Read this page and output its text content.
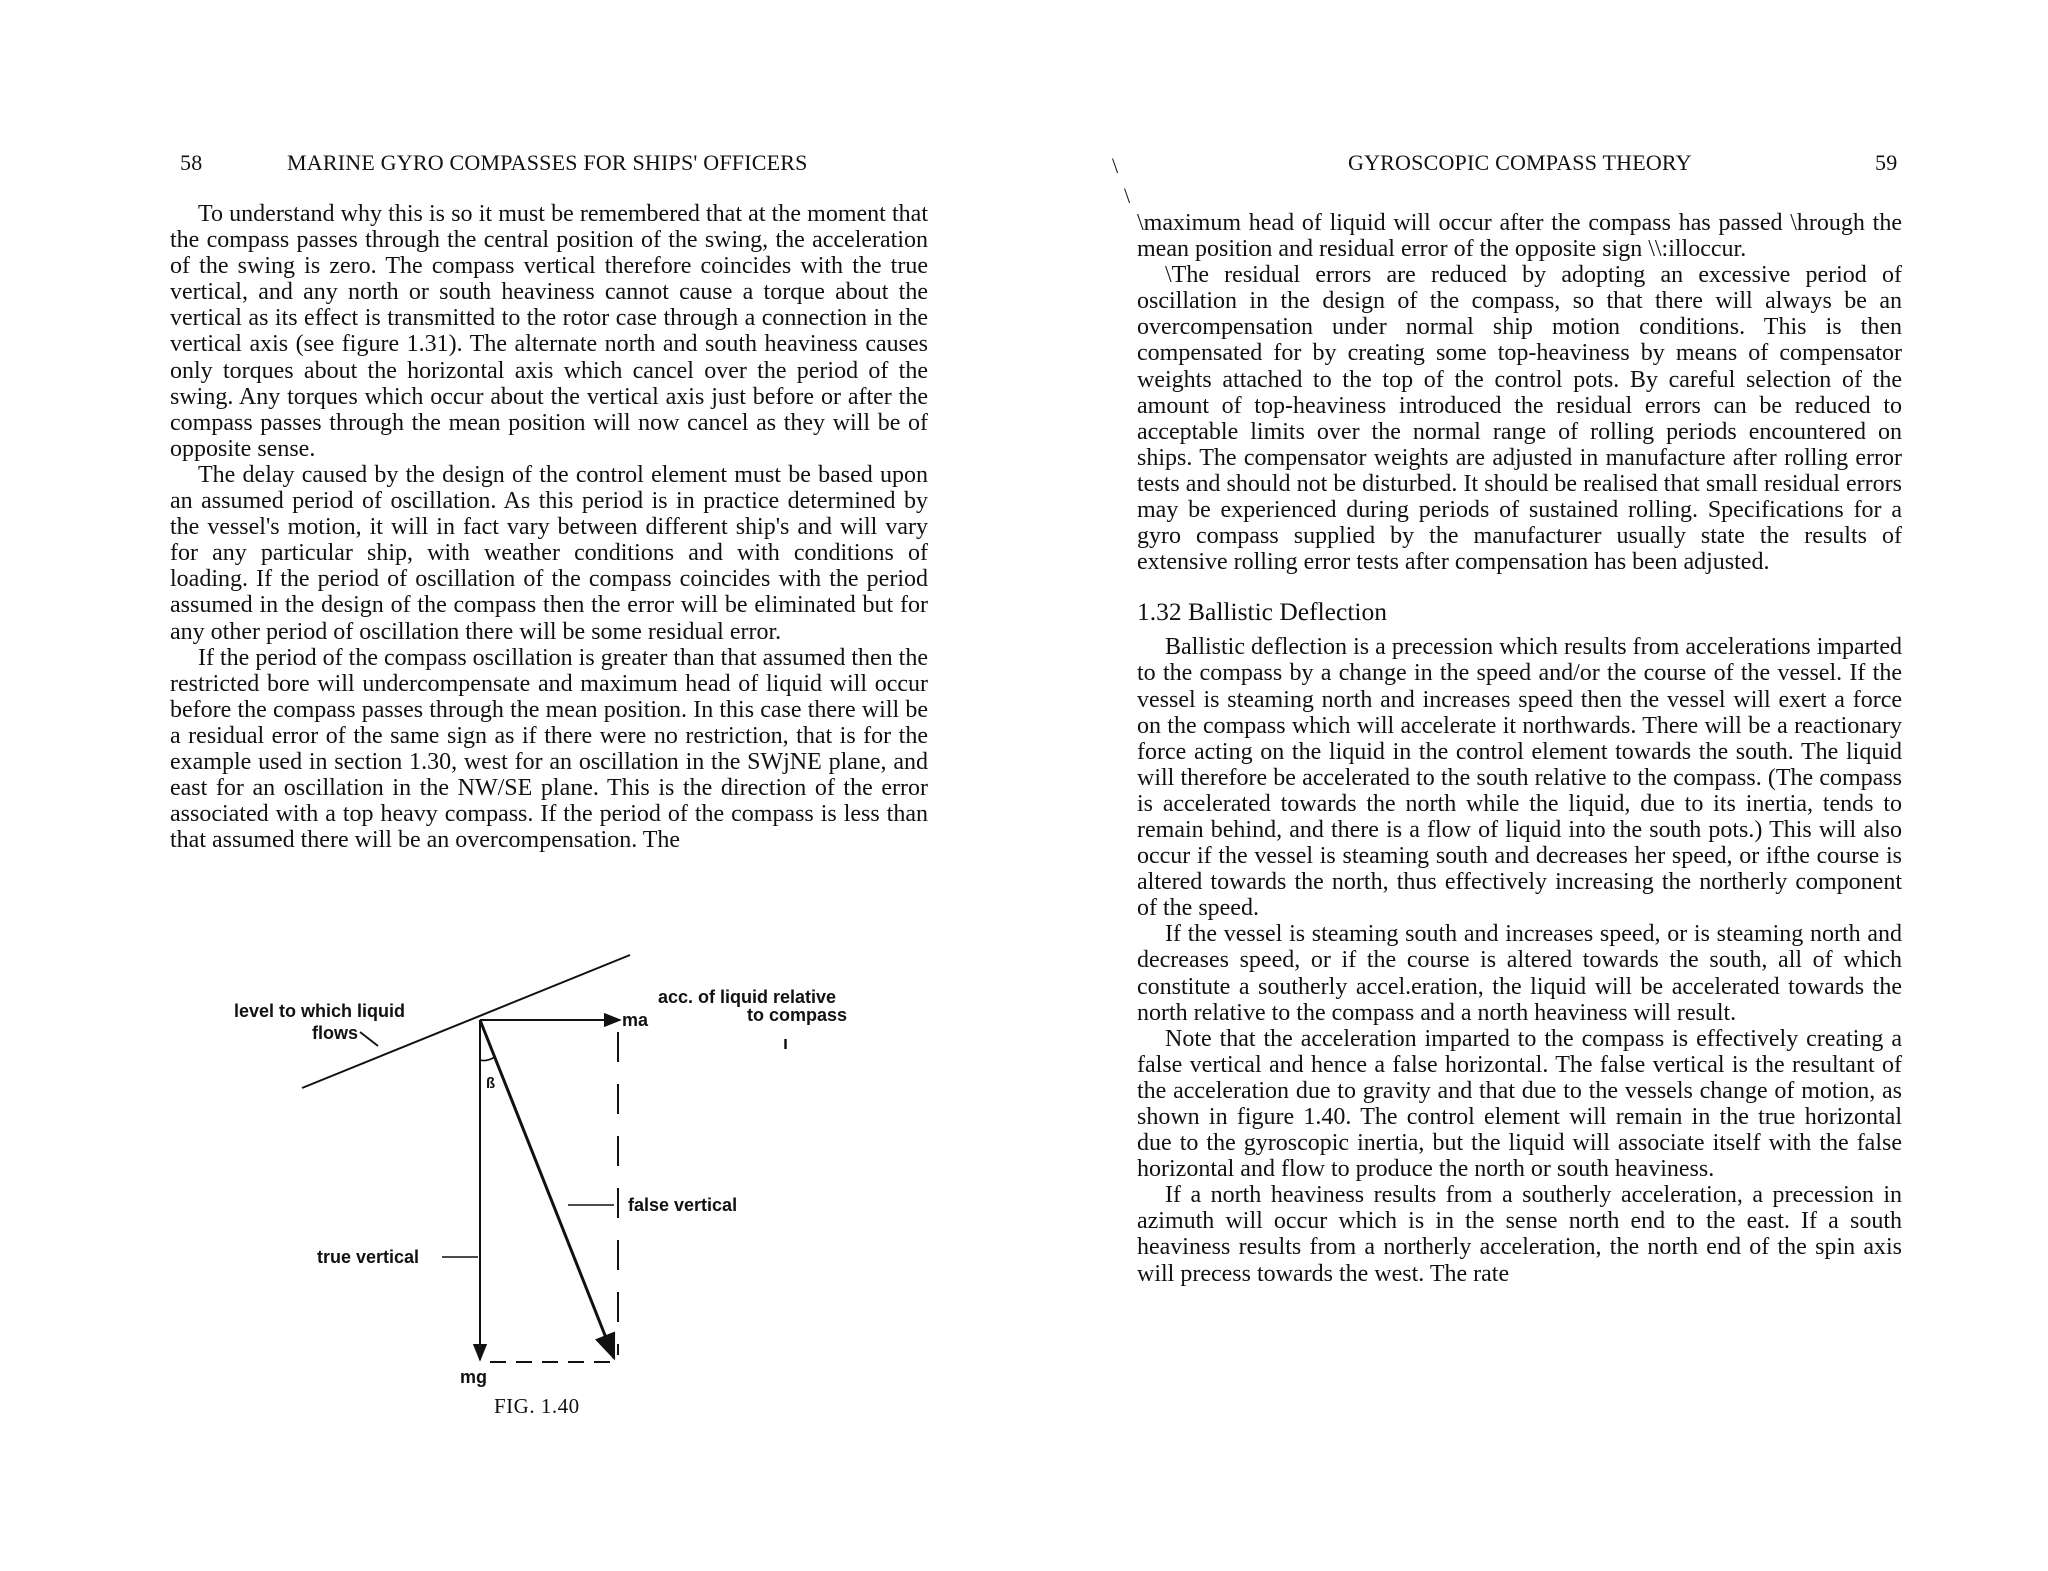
58	MARINE GYRO COMPASSES FOR SHIPS' OFFICERS

To understand why this is so it must be remembered that at the moment that the compass passes through the central position of the swing, the acceleration of the swing is zero. The compass vertical therefore coincides with the true vertical, and any north or south heaviness cannot cause a torque about the vertical as its effect is transmitted to the rotor case through a connection in the vertical axis (see figure 1.31). The alternate north and south heaviness causes only torques about the horizontal axis which cancel over the period of the swing. Any torques which occur about the vertical axis just before or after the compass passes through the mean position will now cancel as they will be of opposite sense.

The delay caused by the design of the control element must be based upon an assumed period of oscillation. As this period is in practice determined by the vessel's motion, it will in fact vary between different ship's and will vary for any particular ship, with weather conditions and with conditions of loading. If the period of oscillation of the compass coincides with the period assumed in the design of the compass then the error will be eliminated but for any other period of oscillation there will be some residual error.

If the period of the compass oscillation is greater than that assumed then the restricted bore will undercompensate and maximum head of liquid will occur before the compass passes through the mean position. In this case there will be a residual error of the same sign as if there were no restriction, that is for the example used in section 1.30, west for an oscillation in the SWjNE plane, and east for an oscillation in the NW/SE plane. This is the direction of the error associated with a top heavy compass. If the period of the compass is less than that assumed there will be an overcompensation. The

level to which liquid
flows
acc. of liquid relative
to compass
ma
ß
false vertical
true vertical
mg
ı
FIG. 1.40
\
\
GYROSCOPIC COMPASS THEORY	59

\maximum head of liquid will occur after the compass has passed \hrough the mean position and residual error of the opposite sign \\:illoccur.

\The residual errors are reduced by adopting an excessive period of oscillation in the design of the compass, so that there will always be an overcompensation under normal ship motion conditions. This is then compensated for by creating some top-heaviness by means of compensator weights attached to the top of the control pots. By careful selection of the amount of top-heaviness introduced the residual errors can be reduced to acceptable limits over the normal range of rolling periods encountered on ships. The compensator weights are adjusted in manufacture after rolling error tests and should not be disturbed. It should be realised that small residual errors may be experienced during periods of sustained rolling. Specifications for a gyro compass supplied by the manufacturer usually state the results of extensive rolling error tests after compensation has been adjusted.

1.32 Ballistic Deflection

Ballistic deflection is a precession which results from accelerations imparted to the compass by a change in the speed and/or the course of the vessel. If the vessel is steaming north and increases speed then the vessel will exert a force on the compass which will accelerate it northwards. There will be a reactionary force acting on the liquid in the control element towards the south. The liquid will therefore be accelerated to the south relative to the compass. (The compass is accelerated towards the north while the liquid, due to its inertia, tends to remain behind, and there is a flow of liquid into the south pots.) This will also occur if the vessel is steaming south and decreases her speed, or ifthe course is altered towards the north, thus effectively increasing the northerly component of the speed.

If the vessel is steaming south and increases speed, or is steaming north and decreases speed, or if the course is altered towards the south, all of which constitute a southerly accel.eration, the liquid will be accelerated towards the north relative to the compass and a north heaviness will result.

Note that the acceleration imparted to the compass is effectively creating a false vertical and hence a false horizontal. The false vertical is the resultant of the acceleration due to gravity and that due to the vessels change of motion, as shown in figure 1.40. The control element will remain in the true horizontal due to the gyroscopic inertia, but the liquid will associate itself with the false horizontal and flow to produce the north or south heaviness.

If a north heaviness results from a southerly acceleration, a precession in azimuth will occur which is in the sense north end to the east. If a south heaviness results from a northerly acceleration, the north end of the spin axis will precess towards the west. The rate
